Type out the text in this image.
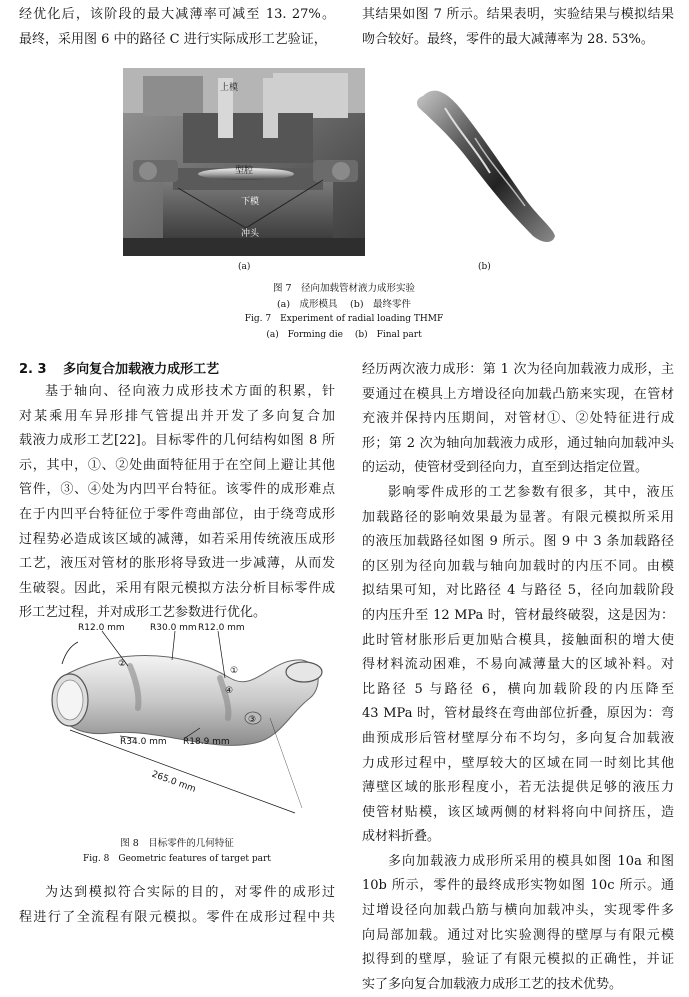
经优化后，该阶段的最大减薄率可减至 13. 27%。
最终，采用图 6 中的路径 C 进行实际成形工艺验证，
其结果如图 7 所示。结果表明，实验结果与模拟结果
吻合较好。最终，零件的最大减薄率为 28. 53%。
上模
型腔
下模
冲头
(a)	(b)
图 7　径向加载管材液力成形实验
(a)　成形模具　 (b)　最终零件
Fig. 7　Experiment of radial loading THMF
(a)　Forming die　 (b)　Final part
2. 3 多向复合加载液力成形工艺
基于轴向、径向液力成形技术方面的积累，针
对某乘用车异形排气管提出并开发了多向复合加
载液力成形工艺[22]。目标零件的几何结构如图 8 所
示，其中，①、②处曲面特征用于在空间上避让其他
管件，③、④处为内凹平台特征。该零件的成形难点
在于内凹平台特征位于零件弯曲部位，由于绕弯成形
过程势必造成该区域的减薄，如若采用传统液压成形
工艺，液压对管材的胀形将导致进一步减薄，从而发
生破裂。因此，采用有限元模拟方法分析目标零件成
形工艺过程，并对成形工艺参数进行优化。
R12.0 mm	R30.0 mm R12.0 mm
R34.0 mm R18.9 mm
265.0 mm
①
②
③
④
图 8　目标零件的几何特征
Fig. 8　Geometric features of target part
为达到模拟符合实际的目的，对零件的成形过
程进行了全流程有限元模拟。零件在成形过程中共
经历两次液力成形：第 1 次为径向加载液力成形，主
要通过在模具上方增设径向加载凸筋来实现，在管材
充液并保持内压期间，对管材①、②处特征进行成
形；第 2 次为轴向加载液力成形，通过轴向加载冲头
的运动，使管材受到径向力，直至到达指定位置。
影响零件成形的工艺参数有很多，其中，液压
加载路径的影响效果最为显著。有限元模拟所采用
的液压加载路径如图 9 所示。图 9 中 3 条加载路径
的区别为径向加载与轴向加载时的内压不同。由模
拟结果可知，对比路径 4 与路径 5，径向加载阶段
的内压升至 12 MPa 时，管材最终破裂，这是因为：
此时管材胀形后更加贴合模具，接触面积的增大使
得材料流动困难，不易向减薄量大的区域补料。对
比路径 5 与路径 6，横向加载阶段的内压降至
43 MPa 时，管材最终在弯曲部位折叠，原因为：弯
曲预成形后管材壁厚分布不均匀，多向复合加载液
力成形过程中，壁厚较大的区域在同一时刻比其他
薄壁区域的胀形程度小，若无法提供足够的液压力
使管材贴模，该区域两侧的材料将向中间挤压，造
成材料折叠。
多向加载液力成形所采用的模具如图 10a 和图
10b 所示，零件的最终成形实物如图 10c 所示。通
过增设径向加载凸筋与横向加载冲头，实现零件多
向局部加载。通过对比实验测得的壁厚与有限元模
拟得到的壁厚，验证了有限元模拟的正确性，并证
实了多向复合加载液力成形工艺的技术优势。
